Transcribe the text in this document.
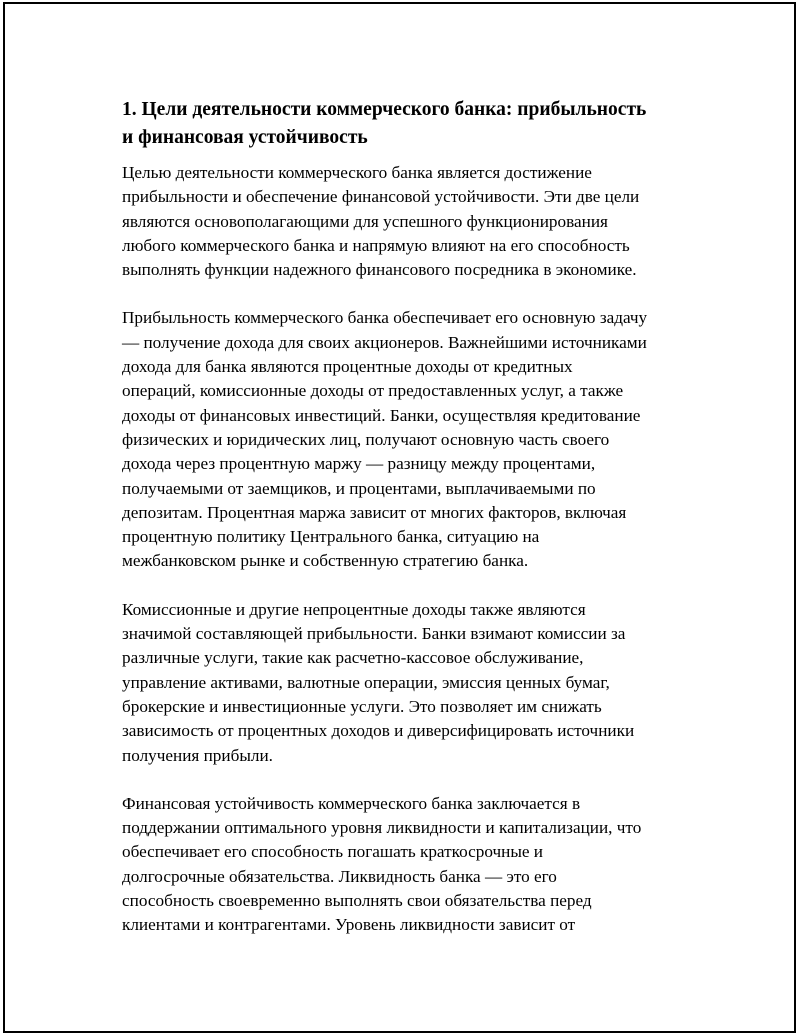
1. Цели деятельности коммерческого банка: прибыльность
и финансовая устойчивость

Целью деятельности коммерческого банка является достижение
прибыльности и обеспечение финансовой устойчивости. Эти две цели
являются основополагающими для успешного функционирования
любого коммерческого банка и напрямую влияют на его способность
выполнять функции надежного финансового посредника в экономике.

Прибыльность коммерческого банка обеспечивает его основную задачу
— получение дохода для своих акционеров. Важнейшими источниками
дохода для банка являются процентные доходы от кредитных
операций, комиссионные доходы от предоставленных услуг, а также
доходы от финансовых инвестиций. Банки, осуществляя кредитование
физических и юридических лиц, получают основную часть своего
дохода через процентную маржу — разницу между процентами,
получаемыми от заемщиков, и процентами, выплачиваемыми по
депозитам. Процентная маржа зависит от многих факторов, включая
процентную политику Центрального банка, ситуацию на
межбанковском рынке и собственную стратегию банка.

Комиссионные и другие непроцентные доходы также являются
значимой составляющей прибыльности. Банки взимают комиссии за
различные услуги, такие как расчетно-кассовое обслуживание,
управление активами, валютные операции, эмиссия ценных бумаг,
брокерские и инвестиционные услуги. Это позволяет им снижать
зависимость от процентных доходов и диверсифицировать источники
получения прибыли.

Финансовая устойчивость коммерческого банка заключается в
поддержании оптимального уровня ликвидности и капитализации, что
обеспечивает его способность погашать краткосрочные и
долгосрочные обязательства. Ликвидность банка — это его
способность своевременно выполнять свои обязательства перед
клиентами и контрагентами. Уровень ликвидности зависит от
